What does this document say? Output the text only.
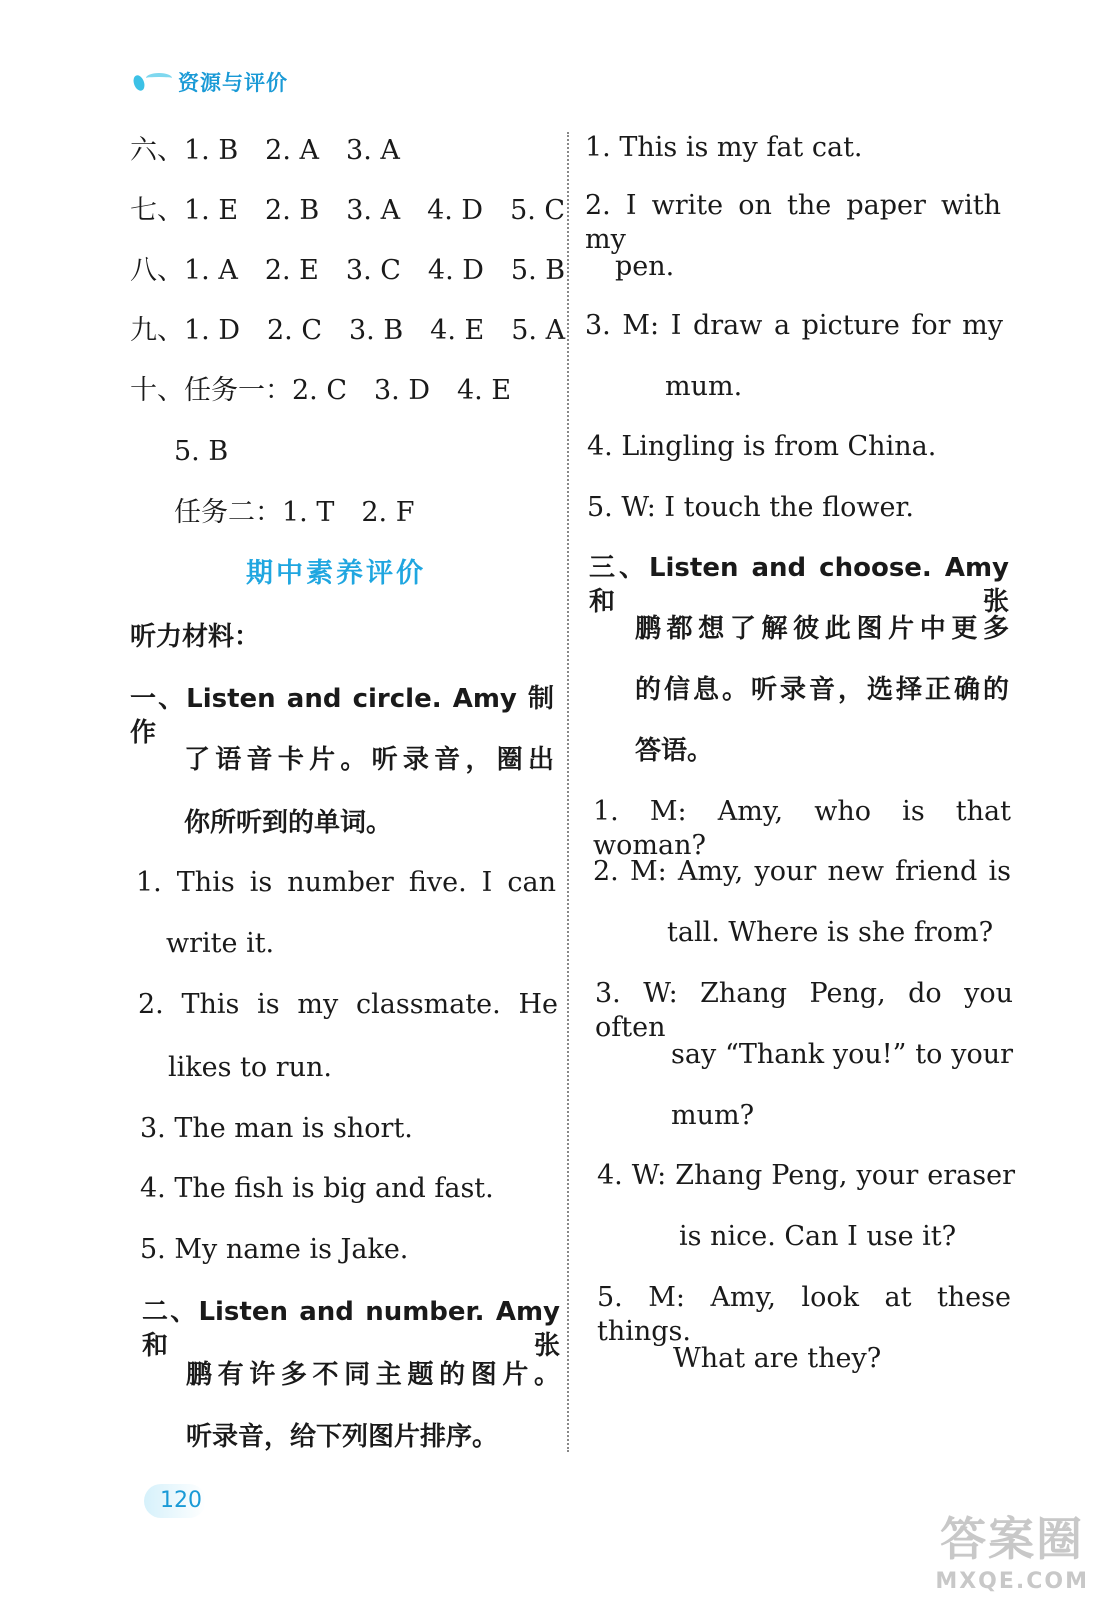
资源与评价
六、1. B　2. A　3. A
七、1. E　2. B　3. A　4. D　5. C
八、1. A　2. E　3. C　4. D　5. B
九、1. D　2. C　3. B　4. E　5. A
十、任务一：2. C　3. D　4. E
5. B
任务二：1. T　2. F
期中素养评价
听力材料：
一、Listen and circle. Amy 制作
了语音卡片。听录音，圈出
你所听到的单词。
1. This is number five. I can
write it.
2. This is my classmate. He
likes to run.
3. The man is short.
4. The fish is big and fast.
5. My name is Jake.
二、Listen and number. Amy 和张
鹏有许多不同主题的图片。
听录音，给下列图片排序。
1. This is my fat cat.
2. I write on the paper with my
pen.
3. M: I draw a picture for my
mum.
4. Lingling is from China.
5. W: I touch the flower.
三、Listen and choose. Amy 和张
鹏都想了解彼此图片中更多
的信息。听录音，选择正确的
答语。
1. M: Amy, who is that woman?
2. M: Amy, your new friend is
tall. Where is she from?
3. W: Zhang Peng, do you often
say “Thank you!” to your
mum?
4. W: Zhang Peng, your eraser
is nice. Can I use it?
5. M: Amy, look at these things.
What are they?
120
答案圈
MXQE.COM
